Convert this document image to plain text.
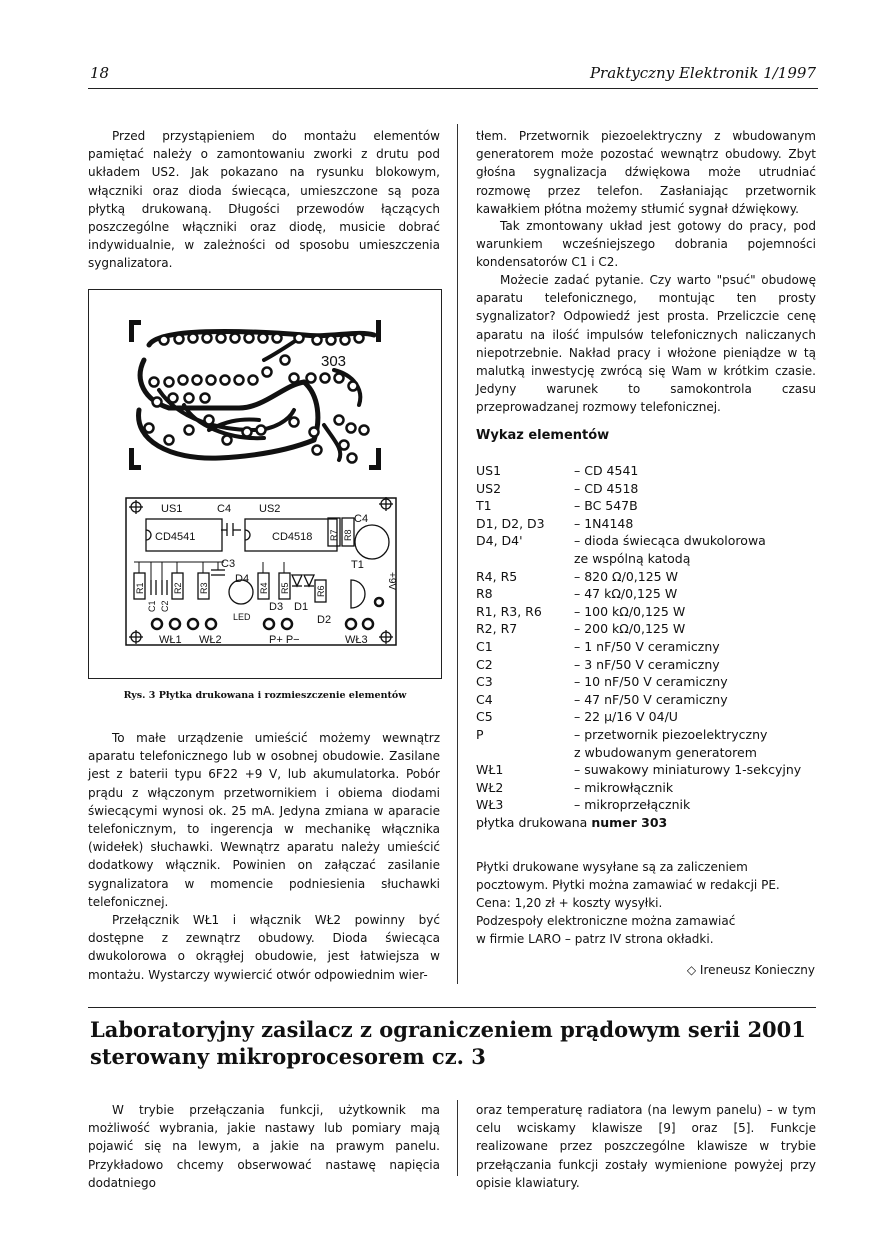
18	Praktyczny Elektronik 1/1997
Przed przystąpieniem do montażu elementów pamiętać należy o zamontowaniu zworki z drutu pod układem US2. Jak pokazano na rysunku blokowym, włączniki oraz dioda świecąca, umieszczone są poza płytką drukowaną. Długości przewodów łączących poszczególne włączniki oraz diodę, musicie dobrać indywidualnie, w zależności od sposobu umieszczenia sygnalizatora.
303
US1	C4	US2
C4
CD4541	CD4518
C3	T1
D4
D3 D1
D2
LED
P+ P−
WŁ1 WŁ2	WŁ3
+9V
R1	R2 R3	R4 R5	R6
R7 R8
C1 C2
Rys. 3 Płytka drukowana i rozmieszczenie elementów
To małe urządzenie umieścić możemy wewnątrz aparatu telefonicznego lub w osobnej obudowie. Zasilane jest z baterii typu 6F22 +9 V, lub akumulatorka. Pobór prądu z włączonym przetwornikiem i obiema diodami świecącymi wynosi ok. 25 mA. Jedyna zmiana w aparacie telefonicznym, to ingerencja w mechanikę włącznika (widełek) słuchawki. Wewnątrz aparatu należy umieścić dodatkowy włącznik. Powinien on załączać zasilanie sygnalizatora w momencie podniesienia słuchawki telefonicznej.
Przełącznik WŁ1 i włącznik WŁ2 powinny być dostępne z zewnątrz obudowy. Dioda świecąca dwukolorowa o okrągłej obudowie, jest łatwiejsza w montażu. Wystarczy wywiercić otwór odpowiednim wier-
tłem. Przetwornik piezoelektryczny z wbudowanym generatorem może pozostać wewnątrz obudowy. Zbyt głośna sygnalizacja dźwiękowa może utrudniać rozmowę przez telefon. Zasłaniając przetwornik kawałkiem płótna możemy stłumić sygnał dźwiękowy.
Tak zmontowany układ jest gotowy do pracy, pod warunkiem wcześniejszego dobrania pojemności kondensatorów C1 i C2.
Możecie zadać pytanie. Czy warto "psuć" obudowę aparatu telefonicznego, montując ten prosty sygnalizator? Odpowiedź jest prosta. Przeliczcie cenę aparatu na ilość impulsów telefonicznych naliczanych niepotrzebnie. Nakład pracy i włożone pieniądze w tą malutką inwestycję zwrócą się Wam w krótkim czasie. Jedyny warunek to samokontrola czasu przeprowadzanej rozmowy telefonicznej.
Wykaz elementów
US1	– CD 4541
US2	– CD 4518
T1	– BC 547B
D1, D2, D3 – 1N4148
D4, D4'	– dioda świecąca dwukolorowa
ze wspólną katodą
R4, R5	– 820 Ω/0,125 W
R8	– 47 kΩ/0,125 W
R1, R3, R6	– 100 kΩ/0,125 W
R2, R7	– 200 kΩ/0,125 W
C1	– 1 nF/50 V ceramiczny
C2	– 3 nF/50 V ceramiczny
C3	– 10 nF/50 V ceramiczny
C4	– 47 nF/50 V ceramiczny
C5	– 22 μ/16 V 04/U
P	– przetwornik piezoelektryczny
z wbudowanym generatorem
WŁ1	– suwakowy miniaturowy 1-sekcyjny
WŁ2	– mikrowłącznik
WŁ3	– mikroprzełącznik
płytka drukowana numer 303
Płytki drukowane wysyłane są za zaliczeniem
pocztowym. Płytki można zamawiać w redakcji PE.
Cena: 1,20 zł + koszty wysyłki.
Podzespoły elektroniczne można zamawiać
w firmie LARO – patrz IV strona okładki.
◇ Ireneusz Konieczny
Laboratoryjny zasilacz z ograniczeniem prądowym serii 2001
sterowany mikroprocesorem cz. 3
W trybie przełączania funkcji, użytkownik ma możliwość wybrania, jakie nastawy lub pomiary mają pojawić się na lewym, a jakie na prawym panelu. Przykładowo chcemy obserwować nastawę napięcia dodatniego
oraz temperaturę radiatora (na lewym panelu) – w tym celu wciskamy klawisze [9] oraz [5]. Funkcje realizowane przez poszczególne klawisze w trybie przełączania funkcji zostały wymienione powyżej przy opisie klawiatury.
